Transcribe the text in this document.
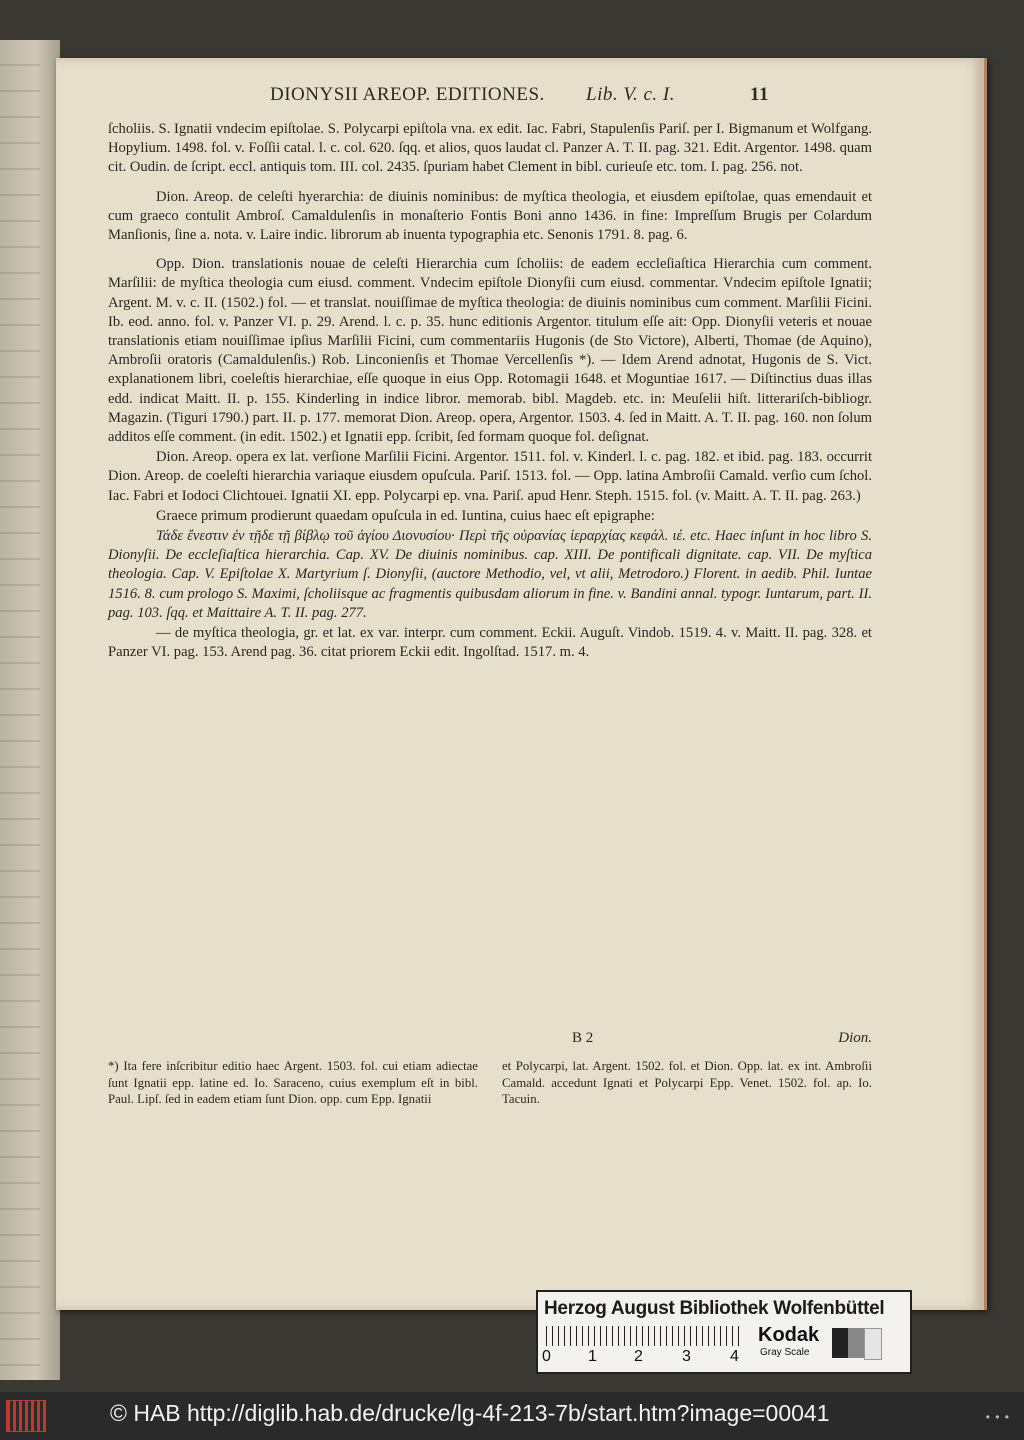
DIONYSII AREOP. EDITIONES. Lib. V. c. I.	11

ſcholiis. S. Ignatii vndecim epiſtolae. S. Polycarpi epiſtola vna. ex edit. Iac. Fabri, Stapulenſis Pariſ. per I. Bigmanum et Wolfgang. Hopylium. 1498. fol. v. Foſſii catal. l. c. col. 620. ſqq. et alios, quos laudat cl. Panzer A. T. II. pag. 321. Edit. Argentor. 1498. quam cit. Oudin. de ſcript. eccl. antiquis tom. III. col. 2435. ſpuriam habet Clement in bibl. curieuſe etc. tom. I. pag. 256. not.

Dion. Areop. de celeſti hyerarchia: de diuinis nominibus: de myſtica theologia, et eiusdem epiſtolae, quas emendauit et cum graeco contulit Ambroſ. Camaldulenſis in monaſterio Fontis Boni anno 1436. in fine: Impreſſum Brugis per Colardum Manſionis, ſine a. nota. v. Laire indic. librorum ab inuenta typographia etc. Senonis 1791. 8. pag. 6.

Opp. Dion. translationis nouae de celeſti Hierarchia cum ſcholiis: de eadem eccleſiaſtica Hierarchia cum comment. Marſilii: de myſtica theologia cum eiusd. comment. Vndecim epiſtole Dionyſii cum eiusd. commentar. Vndecim epiſtole Ignatii; Argent. M. v. c. II. (1502.) fol. — et translat. nouiſſimae de myſtica theologia: de diuinis nominibus cum comment. Marſilii Ficini. Ib. eod. anno. fol. v. Panzer VI. p. 29. Arend. l. c. p. 35. hunc editionis Argentor. titulum eſſe ait: Opp. Dionyſii veteris et nouae translationis etiam nouiſſimae ipſius Marſilii Ficini, cum commentariis Hugonis (de Sto Victore), Alberti, Thomae (de Aquino), Ambroſii oratoris (Camaldulenſis.) Rob. Linconienſis et Thomae Vercellenſis *). — Idem Arend adnotat, Hugonis de S. Vict. explanationem libri, coeleſtis hierarchiae, eſſe quoque in eius Opp. Rotomagii 1648. et Moguntiae 1617. — Diſtinctius duas illas edd. indicat Maitt. II. p. 155. Kinderling in indice libror. memorab. bibl. Magdeb. etc. in: Meuſelii hiſt. litterariſch-bibliogr. Magazin. (Tiguri 1790.) part. II. p. 177. memorat Dion. Areop. opera, Argentor. 1503. 4. ſed in Maitt. A. T. II. pag. 160. non ſolum additos eſſe comment. (in edit. 1502.) et Ignatii epp. ſcribit, ſed formam quoque fol. deſignat.

Dion. Areop. opera ex lat. verſione Marſilii Ficini. Argentor. 1511. fol. v. Kinderl. l. c. pag. 182. et ibid. pag. 183. occurrit Dion. Areop. de coeleſti hierarchia variaque eiusdem opuſcula. Pariſ. 1513. fol. — Opp. latina Ambroſii Camald. verſio cum ſchol. Iac. Fabri et Iodoci Clichtouei. Ignatii XI. epp. Polycarpi ep. vna. Pariſ. apud Henr. Steph. 1515. fol. (v. Maitt. A. T. II. pag. 263.)

Graece primum prodierunt quaedam opuſcula in ed. Iuntina, cuius haec eſt epigraphe:

Τάδε ἔνεστιν ἐν τῇδε τῇ βίβλῳ τοῦ ἁγίου Διονυσίου· Περὶ τῆς οὐρανίας ἱεραρχίας κεφάλ. ιέ. etc. Haec inſunt in hoc libro S. Dionyſii. De eccleſiaſtica hierarchia. Cap. XV. De diuinis nominibus. cap. XIII. De pontificali dignitate. cap. VII. De myſtica theologia. Cap. V. Epiſtolae X. Martyrium ſ. Dionyſii, (auctore Methodio, vel, vt alii, Metrodoro.) Florent. in aedib. Phil. Iuntae 1516. 8. cum prologo S. Maximi, ſcholiisque ac fragmentis quibusdam aliorum in fine. v. Bandini annal. typogr. Iuntarum, part. II. pag. 103. ſqq. et Maittaire A. T. II. pag. 277.

— de myſtica theologia, gr. et lat. ex var. interpr. cum comment. Eckii. Auguſt. Vindob. 1519. 4. v. Maitt. II. pag. 328. et Panzer VI. pag. 153. Arend pag. 36. citat priorem Eckii edit. Ingolſtad. 1517. m. 4.

B 2	Dion.
*) Ita fere inſcribitur editio haec Argent. 1503. fol. cui etiam adiectae ſunt Ignatii epp. latine ed. Io. Saraceno, cuius exemplum eſt in bibl. Paul. Lipſ. ſed in eadem etiam ſunt Dion. opp. cum Epp. Ignatii
et Polycarpi, lat. Argent. 1502. fol. et Dion. Opp. lat. ex int. Ambroſii Camald. accedunt Ignati et Polycarpi Epp. Venet. 1502. fol. ap. Io. Tacuin.
Herzog August Bibliothek Wolfenbüttel
0 1 2 3 4
Kodak
Gray Scale
© HAB http://diglib.hab.de/drucke/lg-4f-213-7b/start.htm?image=00041	• • •
